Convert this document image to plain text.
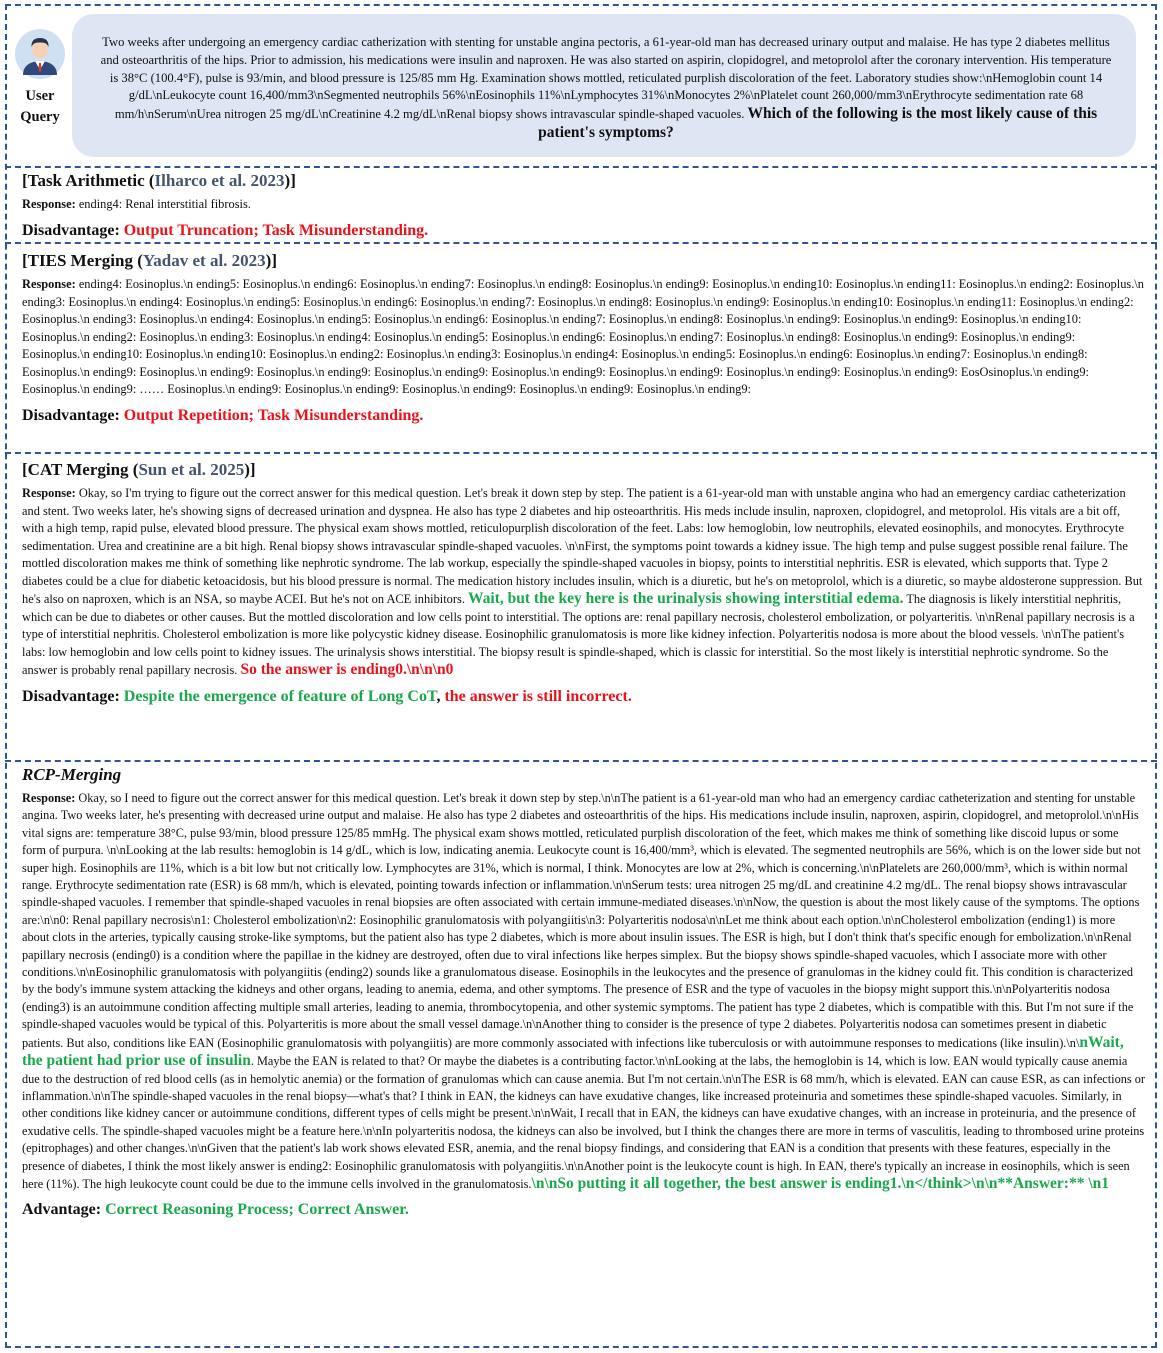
User
Query
Two weeks after undergoing an emergency cardiac catherization with stenting for unstable angina pectoris, a 61-year-old man has decreased urinary output and malaise. He has type 2 diabetes mellitus and osteoarthritis of the hips. Prior to admission, his medications were insulin and naproxen. He was also started on aspirin, clopidogrel, and metoprolol after the coronary intervention. His temperature is 38°C (100.4°F), pulse is 93/min, and blood pressure is 125/85 mm Hg. Examination shows mottled, reticulated purplish discoloration of the feet. Laboratory studies show:\nHemoglobin count 14 g/dL\nLeukocyte count 16,400/mm3\nSegmented neutrophils 56%\nEosinophils 11%\nLymphocytes 31%\nMonocytes 2%\nPlatelet count 260,000/mm3\nErythrocyte sedimentation rate 68 mm/h\nSerum\nUrea nitrogen 25 mg/dL\nCreatinine 4.2 mg/dL\nRenal biopsy shows intravascular spindle-shaped vacuoles. Which of the following is the most likely cause of this patient's symptoms?
[Task Arithmetic (Ilharco et al. 2023)]
Response: ending4: Renal interstitial fibrosis.
Disadvantage: Output Truncation; Task Misunderstanding.
[TIES Merging (Yadav et al. 2023)]
Response: ending4: Eosinoplus.\n ending5: Eosinoplus.\n ending6: Eosinoplus.\n ending7: Eosinoplus.\n ending8: Eosinoplus.\n ending9: Eosinoplus.\n ending10: Eosinoplus.\n ending11: Eosinoplus.\n ending2: Eosinoplus.\n ending3: Eosinoplus.\n ending4: Eosinoplus.\n ending5: Eosinoplus.\n ending6: Eosinoplus.\n ending7: Eosinoplus.\n ending8: Eosinoplus.\n ending9: Eosinoplus.\n ending10: Eosinoplus.\n ending11: Eosinoplus.\n ending2: Eosinoplus.\n ending3: Eosinoplus.\n ending4: Eosinoplus.\n ending5: Eosinoplus.\n ending6: Eosinoplus.\n ending7: Eosinoplus.\n ending8: Eosinoplus.\n ending9: Eosinoplus.\n ending9: Eosinoplus.\n ending10: Eosinoplus.\n ending2: Eosinoplus.\n ending3: Eosinoplus.\n ending4: Eosinoplus.\n ending5: Eosinoplus.\n ending6: Eosinoplus.\n ending7: Eosinoplus.\n ending8: Eosinoplus.\n ending9: Eosinoplus.\n ending9: Eosinoplus.\n ending10: Eosinoplus.\n ending10: Eosinoplus.\n ending2: Eosinoplus.\n ending3: Eosinoplus.\n ending4: Eosinoplus.\n ending5: Eosinoplus.\n ending6: Eosinoplus.\n ending7: Eosinoplus.\n ending8: Eosinoplus.\n ending9: Eosinoplus.\n ending9: Eosinoplus.\n ending9: Eosinoplus.\n ending9: Eosinoplus.\n ending9: Eosinoplus.\n ending9: Eosinoplus.\n ending9: Eosinoplus.\n ending9: EosOsinoplus.\n ending9: Eosinoplus.\n ending9: …… Eosinoplus.\n ending9: Eosinoplus.\n ending9: Eosinoplus.\n ending9: Eosinoplus.\n ending9: Eosinoplus.\n ending9:
Disadvantage: Output Repetition; Task Misunderstanding.
[CAT Merging (Sun et al. 2025)]
Response: Okay, so I'm trying to figure out the correct answer for this medical question. Let's break it down step by step. The patient is a 61-year-old man with unstable angina who had an emergency cardiac catheterization and stent. Two weeks later, he's showing signs of decreased urination and dyspnea. He also has type 2 diabetes and hip osteoarthritis. His meds include insulin, naproxen, clopidogrel, and metoprolol. His vitals are a bit off, with a high temp, rapid pulse, elevated blood pressure. The physical exam shows mottled, reticulopurplish discoloration of the feet. Labs: low hemoglobin, low neutrophils, elevated eosinophils, and monocytes. Erythrocyte sedimentation. Urea and creatinine are a bit high. Renal biopsy shows intravascular spindle-shaped vacuoles. \n\nFirst, the symptoms point towards a kidney issue. The high temp and pulse suggest possible renal failure. The mottled discoloration makes me think of something like nephrotic syndrome. The lab workup, especially the spindle-shaped vacuoles in biopsy, points to interstitial nephritis. ESR is elevated, which supports that. Type 2 diabetes could be a clue for diabetic ketoacidosis, but his blood pressure is normal. The medication history includes insulin, which is a diuretic, but he's on metoprolol, which is a diuretic, so maybe aldosterone suppression. But he's also on naproxen, which is an NSA, so maybe ACEI. But he's not on ACE inhibitors. Wait, but the key here is the urinalysis showing interstitial edema. The diagnosis is likely interstitial nephritis, which can be due to diabetes or other causes. But the mottled discoloration and low cells point to interstitial. The options are: renal papillary necrosis, cholesterol embolization, or polyarteritis. \n\nRenal papillary necrosis is a type of interstitial nephritis. Cholesterol embolization is more like polycystic kidney disease. Eosinophilic granulomatosis is more like kidney infection. Polyarteritis nodosa is more about the blood vessels. \n\nThe patient's labs: low hemoglobin and low cells point to kidney issues. The urinalysis shows interstitial. The biopsy result is spindle-shaped, which is classic for interstitial. So the most likely is interstitial nephrotic syndrome. So the answer is probably renal papillary necrosis. So the answer is ending0.\n\n\n0
Disadvantage: Despite the emergence of feature of Long CoT, the answer is still incorrect.
RCP-Merging
Response: Okay, so I need to figure out the correct answer for this medical question. Let's break it down step by step.\n\nThe patient is a 61-year-old man who had an emergency cardiac catheterization and stenting for unstable angina. Two weeks later, he's presenting with decreased urine output and malaise. He also has type 2 diabetes and osteoarthritis of the hips. His medications include insulin, naproxen, aspirin, clopidogrel, and metoprolol.\n\nHis vital signs are: temperature 38°C, pulse 93/min, blood pressure 125/85 mmHg. The physical exam shows mottled, reticulated purplish discoloration of the feet, which makes me think of something like discoid lupus or some form of purpura. \n\nLooking at the lab results: hemoglobin is 14 g/dL, which is low, indicating anemia. Leukocyte count is 16,400/mm³, which is elevated. The segmented neutrophils are 56%, which is on the lower side but not super high. Eosinophils are 11%, which is a bit low but not critically low. Lymphocytes are 31%, which is normal, I think. Monocytes are low at 2%, which is concerning.\n\nPlatelets are 260,000/mm³, which is within normal range. Erythrocyte sedimentation rate (ESR) is 68 mm/h, which is elevated, pointing towards infection or inflammation.\n\nSerum tests: urea nitrogen 25 mg/dL and creatinine 4.2 mg/dL. The renal biopsy shows intravascular spindle-shaped vacuoles. I remember that spindle-shaped vacuoles in renal biopsies are often associated with certain immune-mediated diseases.\n\nNow, the question is about the most likely cause of the symptoms. The options are:\n\n0: Renal papillary necrosis\n1: Cholesterol embolization\n2: Eosinophilic granulomatosis with polyangiitis\n3: Polyarteritis nodosa\n\nLet me think about each option.\n\nCholesterol embolization (ending1) is more about clots in the arteries, typically causing stroke-like symptoms, but the patient also has type 2 diabetes, which is more about insulin issues. The ESR is high, but I don't think that's specific enough for embolization.\n\nRenal papillary necrosis (ending0) is a condition where the papillae in the kidney are destroyed, often due to viral infections like herpes simplex. But the biopsy shows spindle-shaped vacuoles, which I associate more with other conditions.\n\nEosinophilic granulomatosis with polyangiitis (ending2) sounds like a granulomatous disease. Eosinophils in the leukocytes and the presence of granulomas in the kidney could fit. This condition is characterized by the body's immune system attacking the kidneys and other organs, leading to anemia, edema, and other symptoms. The presence of ESR and the type of vacuoles in the biopsy might support this.\n\nPolyarteritis nodosa (ending3) is an autoimmune condition affecting multiple small arteries, leading to anemia, thrombocytopenia, and other systemic symptoms. The patient has type 2 diabetes, which is compatible with this. But I'm not sure if the spindle-shaped vacuoles would be typical of this. Polyarteritis is more about the small vessel damage.\n\nAnother thing to consider is the presence of type 2 diabetes. Polyarteritis nodosa can sometimes present in diabetic patients. But also, conditions like EAN (Eosinophilic granulomatosis with polyangiitis) are more commonly associated with infections like tuberculosis or with autoimmune responses to medications (like insulin).\n\nWait, the patient had prior use of insulin. Maybe the EAN is related to that? Or maybe the diabetes is a contributing factor.\n\nLooking at the labs, the hemoglobin is 14, which is low. EAN would typically cause anemia due to the destruction of red blood cells (as in hemolytic anemia) or the formation of granulomas which can cause anemia. But I'm not certain.\n\nThe ESR is 68 mm/h, which is elevated. EAN can cause ESR, as can infections or inflammation.\n\nThe spindle-shaped vacuoles in the renal biopsy—what's that? I think in EAN, the kidneys can have exudative changes, like increased proteinuria and sometimes these spindle-shaped vacuoles. Similarly, in other conditions like kidney cancer or autoimmune conditions, different types of cells might be present.\n\nWait, I recall that in EAN, the kidneys can have exudative changes, with an increase in proteinuria, and the presence of exudative cells. The spindle-shaped vacuoles might be a feature here.\n\nIn polyarteritis nodosa, the kidneys can also be involved, but I think the changes there are more in terms of vasculitis, leading to thrombosed urine proteins (epitrophages) and other changes.\n\nGiven that the patient's lab work shows elevated ESR, anemia, and the renal biopsy findings, and considering that EAN is a condition that presents with these features, especially in the presence of diabetes, I think the most likely answer is ending2: Eosinophilic granulomatosis with polyangiitis.\n\nAnother point is the leukocyte count is high. In EAN, there's typically an increase in eosinophils, which is seen here (11%). The high leukocyte count could be due to the immune cells involved in the granulomatosis.\n\nSo putting it all together, the best answer is ending1.\n</think>\n\n**Answer:** \n1
Advantage: Correct Reasoning Process; Correct Answer.
